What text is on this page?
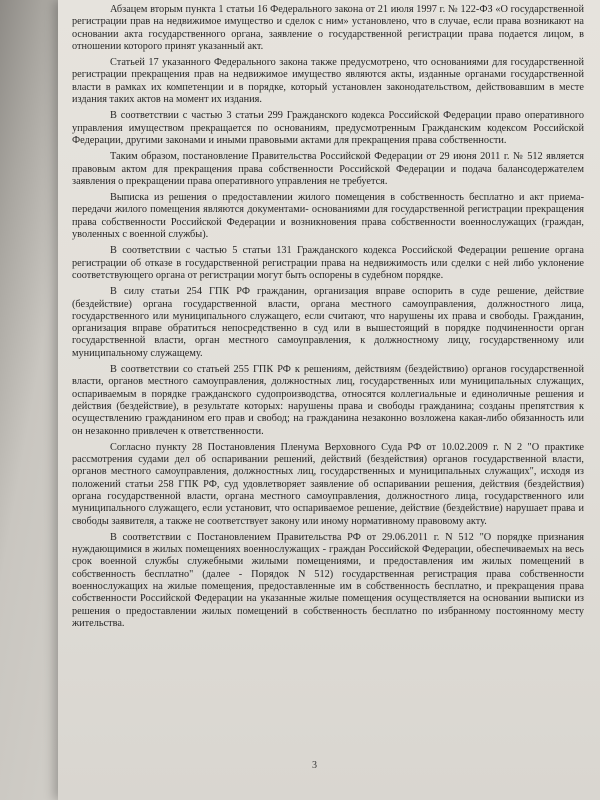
Абзацем вторым пункта 1 статьи 16 Федерального закона от 21 июля 1997 г. № 122-ФЗ «О государственной регистрации прав на недвижимое имущество и сделок с ним» установлено, что в случае, если права возникают на основании акта государственного органа, заявление о государственной регистрации права подается лицом, в отношении которого принят указанный акт.

Статьей 17 указанного Федерального закона также предусмотрено, что основаниями для государственной регистрации прекращения прав на недвижимое имущество являются акты, изданные органами государственной власти в рамках их компетенции и в порядке, который установлен законодательством, действовавшим в месте издания таких актов на момент их издания.

В соответствии с частью 3 статьи 299 Гражданского кодекса Российской Федерации право оперативного управления имуществом прекращается по основаниям, предусмотренным Гражданским кодексом Российской Федерации, другими законами и иными правовыми актами для прекращения права собственности.

Таким образом, постановление Правительства Российской Федерации от 29 июня 2011 г. № 512 является правовым актом для прекращения права собственности Российской Федерации и подача балансодержателем заявления о прекращении права оперативного управления не требуется.

Выписка из решения о предоставлении жилого помещения в собственность бесплатно и акт приема-передачи жилого помещения являются документами- основаниями для государственной регистрации прекращения права собственности Российской Федерации и возникновения права собственности военнослужащих (граждан, уволенных с военной службы).

В соответствии с частью 5 статьи 131 Гражданского кодекса Российской Федерации решение органа регистрации об отказе в государственной регистрации права на недвижимость или сделки с ней либо уклонение соответствующего органа от регистрации могут быть оспорены в судебном порядке.

В силу статьи 254 ГПК РФ гражданин, организация вправе оспорить в суде решение, действие (бездействие) органа государственной власти, органа местного самоуправления, должностного лица, государственного или муниципального служащего, если считают, что нарушены их права и свободы. Гражданин, организация вправе обратиться непосредственно в суд или в вышестоящий в порядке подчиненности орган государственной власти, орган местного самоуправления, к должностному лицу, государственному или муниципальному служащему.

В соответствии со статьей 255 ГПК РФ к решениям, действиям (бездействию) органов государственной власти, органов местного самоуправления, должностных лиц, государственных или муниципальных служащих, оспариваемым в порядке гражданского судопроизводства, относятся коллегиальные и единоличные решения и действия (бездействие), в результате которых: нарушены права и свободы гражданина; созданы препятствия к осуществлению гражданином его прав и свобод; на гражданина незаконно возложена какая-либо обязанность или он незаконно привлечен к ответственности.

Согласно пункту 28 Постановления Пленума Верховного Суда РФ от 10.02.2009 г. N 2 "О практике рассмотрения судами дел об оспаривании решений, действий (бездействия) органов государственной власти, органов местного самоуправления, должностных лиц, государственных и муниципальных служащих", исходя из положений статьи 258 ГПК РФ, суд удовлетворяет заявление об оспаривании решения, действия (бездействия) органа государственной власти, органа местного самоуправления, должностного лица, государственного или муниципального служащего, если установит, что оспариваемое решение, действие (бездействие) нарушает права и свободы заявителя, а также не соответствует закону или иному нормативному правовому акту.

В соответствии с Постановлением Правительства РФ от 29.06.2011 г. N 512 "О порядке признания нуждающимися в жилых помещениях военнослужащих - граждан Российской Федерации, обеспечиваемых на весь срок военной службы служебными жилыми помещениями, и предоставления им жилых помещений в собственность бесплатно" (далее - Порядок N 512) государственная регистрация права собственности военнослужащих на жилые помещения, предоставленные им в собственность бесплатно, и прекращения права собственности Российской Федерации на указанные жилые помещения осуществляется на основании выписки из решения о предоставлении жилых помещений в собственность бесплатно по избранному постоянному месту жительства.

3
